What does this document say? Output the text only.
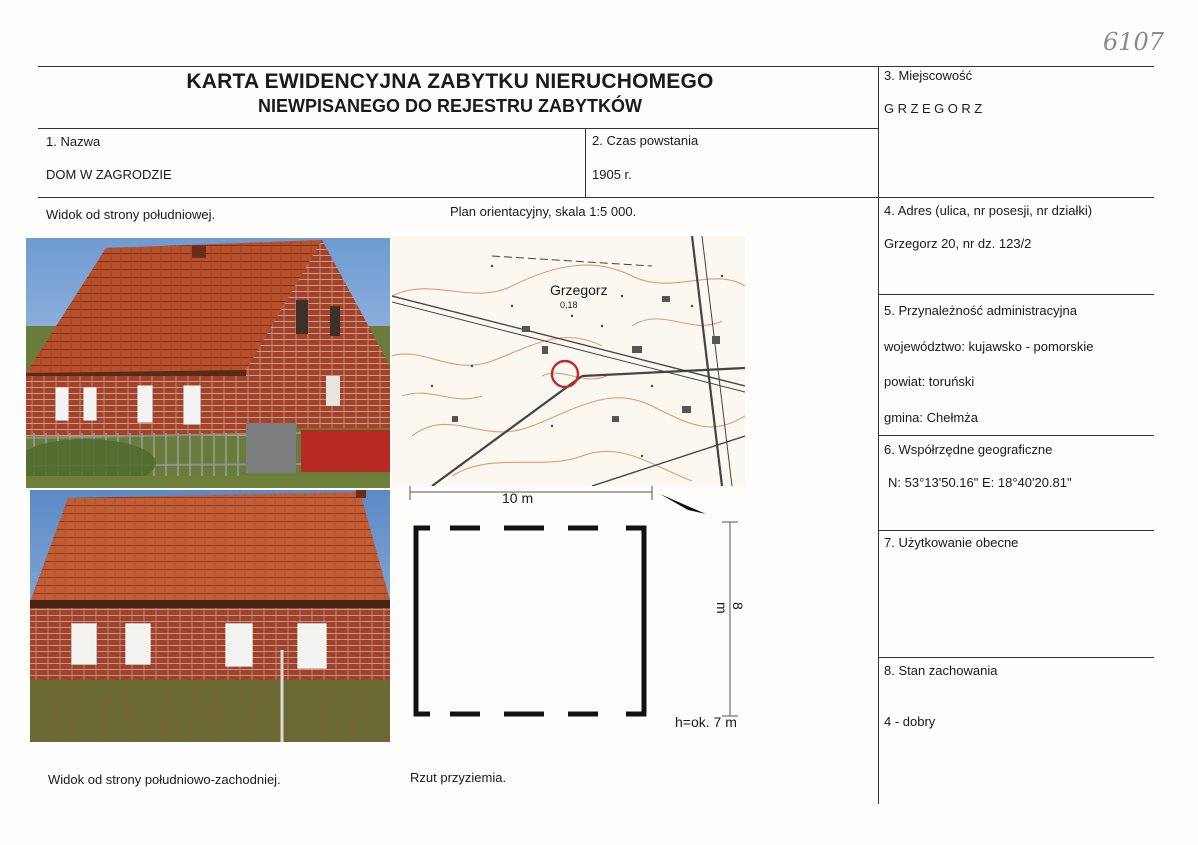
6107
KARTA EWIDENCYJNA ZABYTKU NIERUCHOMEGO
NIEWPISANEGO DO REJESTRU ZABYTKÓW
1. Nazwa
DOM W ZAGRODZIE
2. Czas powstania
1905 r.
3. Miejscowość
GRZEGORZ
4. Adres (ulica, nr posesji, nr działki)
Grzegorz 20, nr dz. 123/2
5. Przynależność administracyjna
województwo: kujawsko - pomorskie
powiat: toruński
gmina: Chełmża
6. Współrzędne geograficzne
N: 53°13'50.16" E: 18°40'20.81"
7. Użytkowanie obecne
8. Stan zachowania
4 - dobry
Widok od strony południowej.	Plan orientacyjny, skala 1:5 000.
Widok od strony południowo-zachodniej.	Rzut przyziemia.
Grzegorz
0,18
10 m
8 m
h=ok. 7 m
